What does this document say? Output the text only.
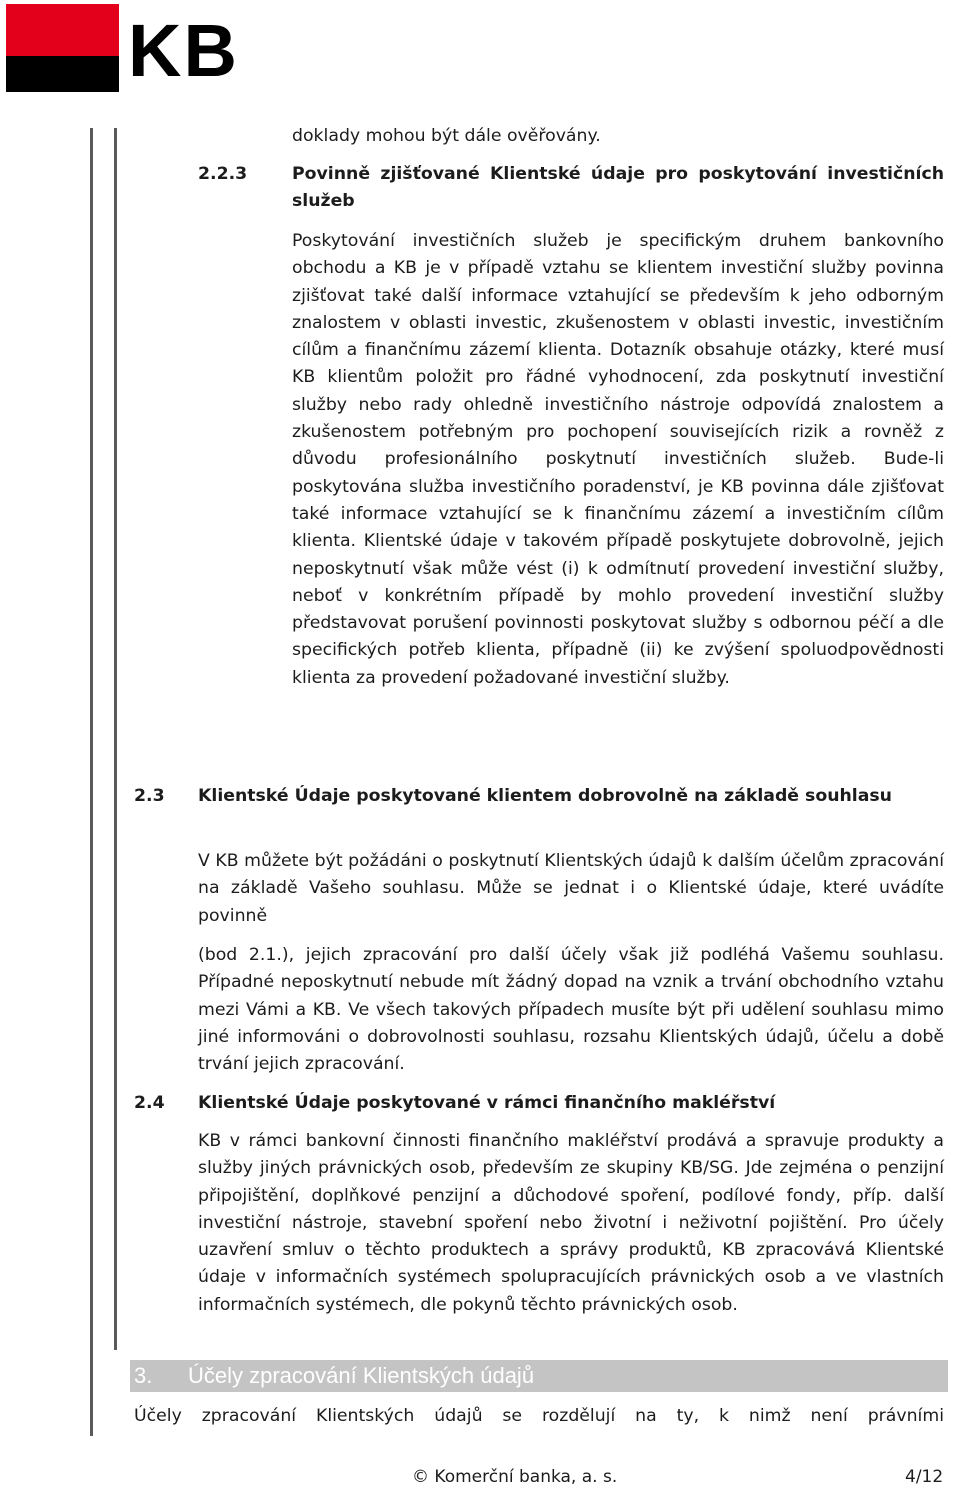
KB

doklady mohou být dále ověřovány.

2.2.3	Povinně zjišťované Klientské údaje pro poskytování investičních služeb

Poskytování investičních služeb je specifickým druhem bankovního obchodu a KB je v případě vztahu se klientem investiční služby povinna zjišťovat také další informace vztahující se především k jeho odborným znalostem v oblasti investic, zkušenostem v oblasti investic, investičním cílům a finančnímu zázemí klienta. Dotazník obsahuje otázky, které musí KB klientům položit pro řádné vyhodnocení, zda poskytnutí investiční služby nebo rady ohledně investičního nástroje odpovídá znalostem a zkušenostem potřebným pro pochopení souvisejících rizik a rovněž z důvodu profesionálního poskytnutí investičních služeb. Bude-li poskytována služba investičního poradenství, je KB povinna dále zjišťovat také informace vztahující se k finančnímu zázemí a investičním cílům klienta. Klientské údaje v takovém případě poskytujete dobrovolně, jejich neposkytnutí však může vést (i) k odmítnutí provedení investiční služby, neboť v konkrétním případě by mohlo provedení investiční služby představovat porušení povinnosti poskytovat služby s odbornou péčí a dle specifických potřeb klienta, případně (ii) ke zvýšení spoluodpovědnosti klienta za provedení požadované investiční služby.

2.3 Klientské Údaje poskytované klientem dobrovolně na základě souhlasu

V KB můžete být požádáni o poskytnutí Klientských údajů k dalším účelům zpracování na základě Vašeho souhlasu. Může se jednat i o Klientské údaje, které uvádíte povinně

(bod 2.1.), jejich zpracování pro další účely však již podléhá Vašemu souhlasu. Případné neposkytnutí nebude mít žádný dopad na vznik a trvání obchodního vztahu mezi Vámi a KB. Ve všech takových případech musíte být při udělení souhlasu mimo jiné informováni o dobrovolnosti souhlasu, rozsahu Klientských údajů, účelu a době trvání jejich zpracování.

2.4 Klientské Údaje poskytované v rámci finančního makléřství

KB v rámci bankovní činnosti finančního makléřství prodává a spravuje produkty a služby jiných právnických osob, především ze skupiny KB/SG. Jde zejména o penzijní připojištění, doplňkové penzijní a důchodové spoření, podílové fondy, příp. další investiční nástroje, stavební spoření nebo životní i neživotní pojištění. Pro účely uzavření smluv o těchto produktech a správy produktů, KB zpracovává Klientské údaje v informačních systémech spolupracujících právnických osob a ve vlastních informačních systémech, dle pokynů těchto právnických osob.

3. Účely zpracování Klientských údajů

Účely zpracování Klientských údajů se rozdělují na ty, k nimž není právními

© Komerční banka, a. s.	4/12
